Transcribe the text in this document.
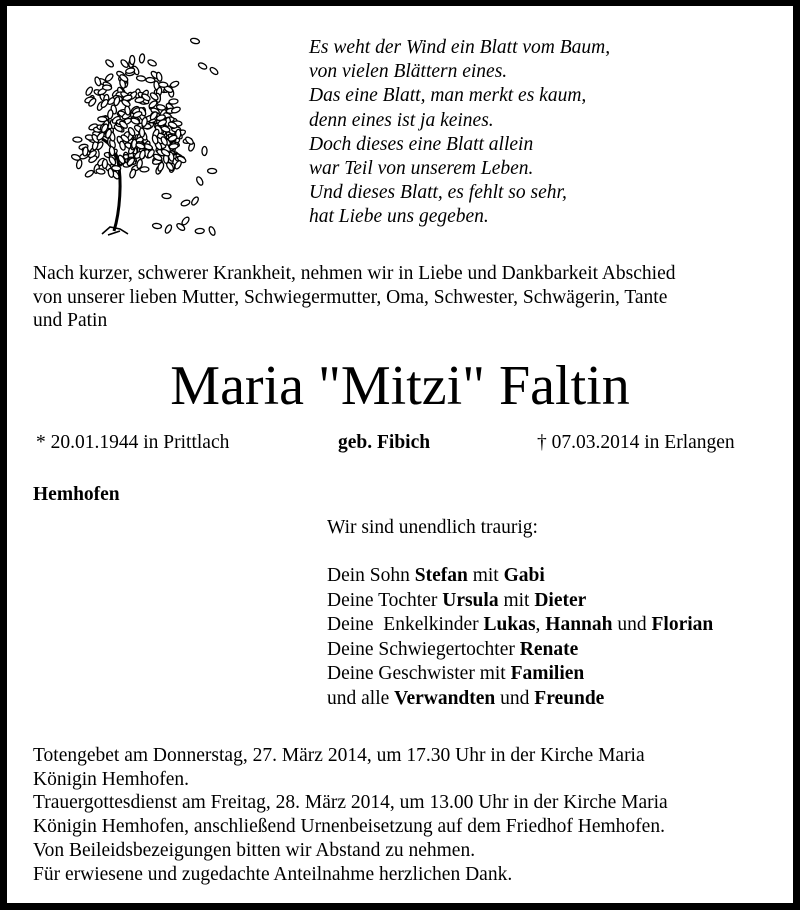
Es weht der Wind ein Blatt vom Baum,
von vielen Blättern eines.
Das eine Blatt, man merkt es kaum,
denn eines ist ja keines.
Doch dieses eine Blatt allein
war Teil von unserem Leben.
Und dieses Blatt, es fehlt so sehr,
hat Liebe uns gegeben.
Nach kurzer, schwerer Krankheit, nehmen wir in Liebe und Dankbarkeit Abschied
von unserer lieben Mutter, Schwiegermutter, Oma, Schwester, Schwägerin, Tante
und Patin
Maria "Mitzi" Faltin
* 20.01.1944 in Prittlach	geb. Fibich	† 07.03.2014 in Erlangen
Hemhofen
Wir sind unendlich traurig:
Dein Sohn Stefan mit Gabi
Deine Tochter Ursula mit Dieter
Deine  Enkelkinder Lukas, Hannah und Florian
Deine Schwiegertochter Renate
Deine Geschwister mit Familien
und alle Verwandten und Freunde
Totengebet am Donnerstag, 27. März 2014, um 17.30 Uhr in der Kirche Maria
Königin Hemhofen.
Trauergottesdienst am Freitag, 28. März 2014, um 13.00 Uhr in der Kirche Maria
Königin Hemhofen, anschließend Urnenbeisetzung auf dem Friedhof Hemhofen.
Von Beileidsbezeigungen bitten wir Abstand zu nehmen.
Für erwiesene und zugedachte Anteilnahme herzlichen Dank.
